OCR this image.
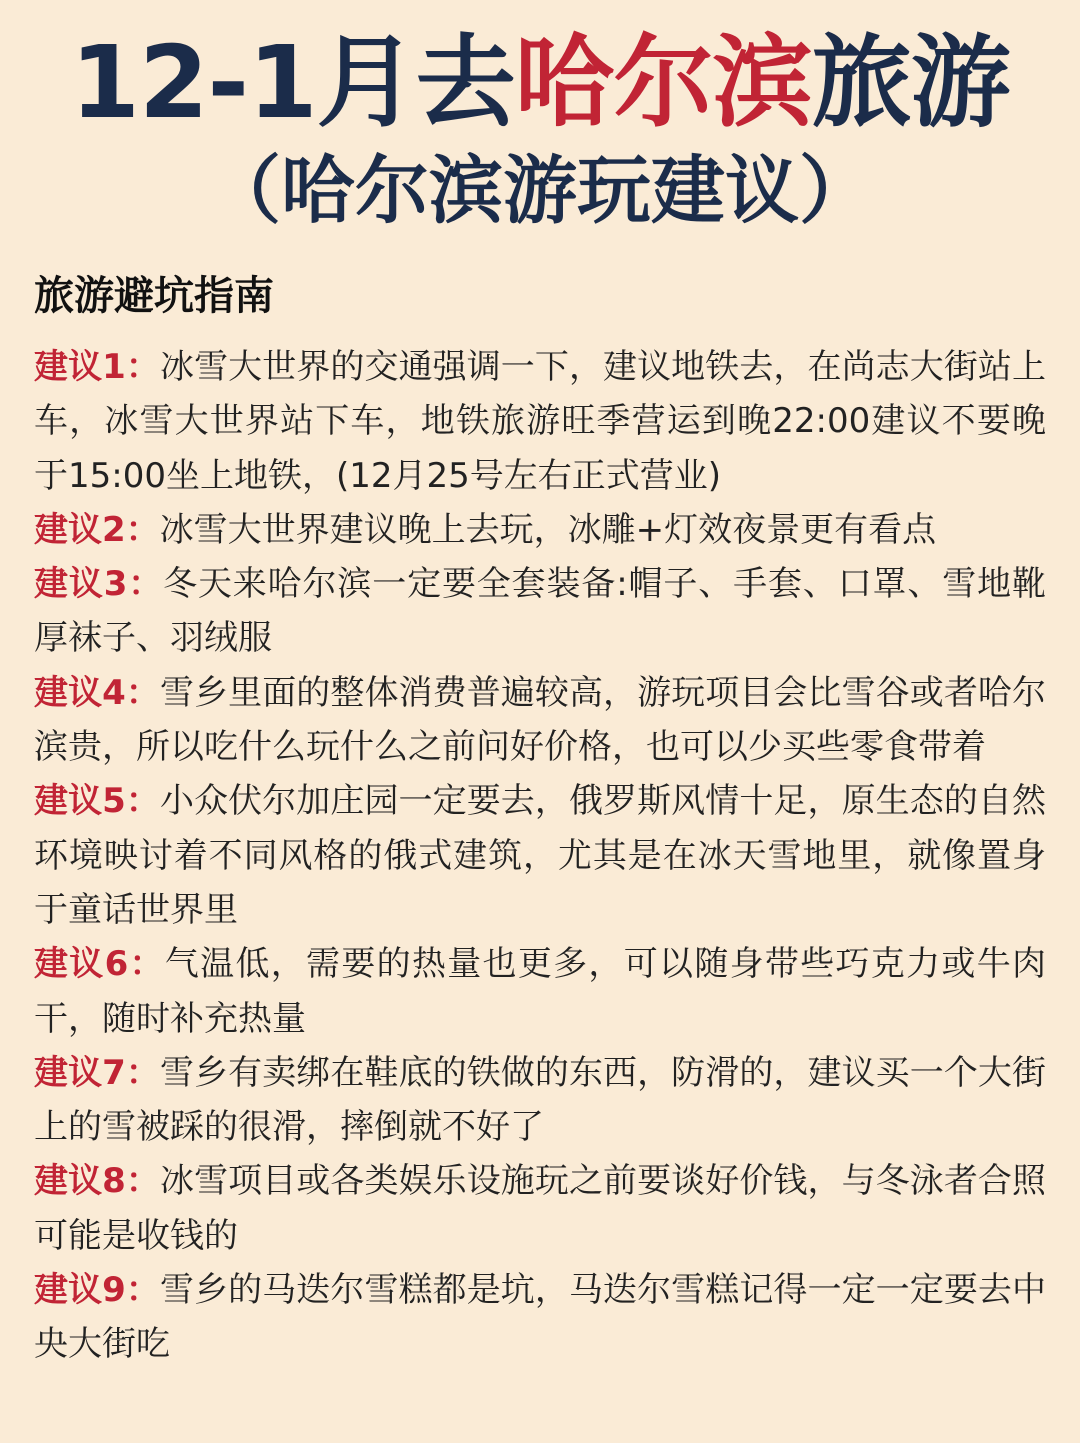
12-1月去哈尔滨旅游
（哈尔滨游玩建议）
旅游避坑指南

建议1：冰雪大世界的交通强调一下，建议地铁去，在尚志大街站上车，冰雪大世界站下车，地铁旅游旺季营运到晚22:00建议不要晚于15:00坐上地铁，(12月25号左右正式营业)

建议2：冰雪大世界建议晚上去玩，冰雕+灯效夜景更有看点

建议3：冬天来哈尔滨一定要全套装备:帽子、手套、口罩、雪地靴厚袜子、羽绒服

建议4：雪乡里面的整体消费普遍较高，游玩项目会比雪谷或者哈尔滨贵，所以吃什么玩什么之前问好价格，也可以少买些零食带着

建议5：小众伏尔加庄园一定要去，俄罗斯风情十足，原生态的自然环境映讨着不同风格的俄式建筑，尤其是在冰天雪地里，就像置身于童话世界里

建议6：气温低，需要的热量也更多，可以随身带些巧克力或牛肉干，随时补充热量

建议7：雪乡有卖绑在鞋底的铁做的东西，防滑的，建议买一个大街上的雪被踩的很滑，摔倒就不好了

建议8：冰雪项目或各类娱乐设施玩之前要谈好价钱，与冬泳者合照可能是收钱的

建议9：雪乡的马迭尔雪糕都是坑，马迭尔雪糕记得一定一定要去中央大街吃
